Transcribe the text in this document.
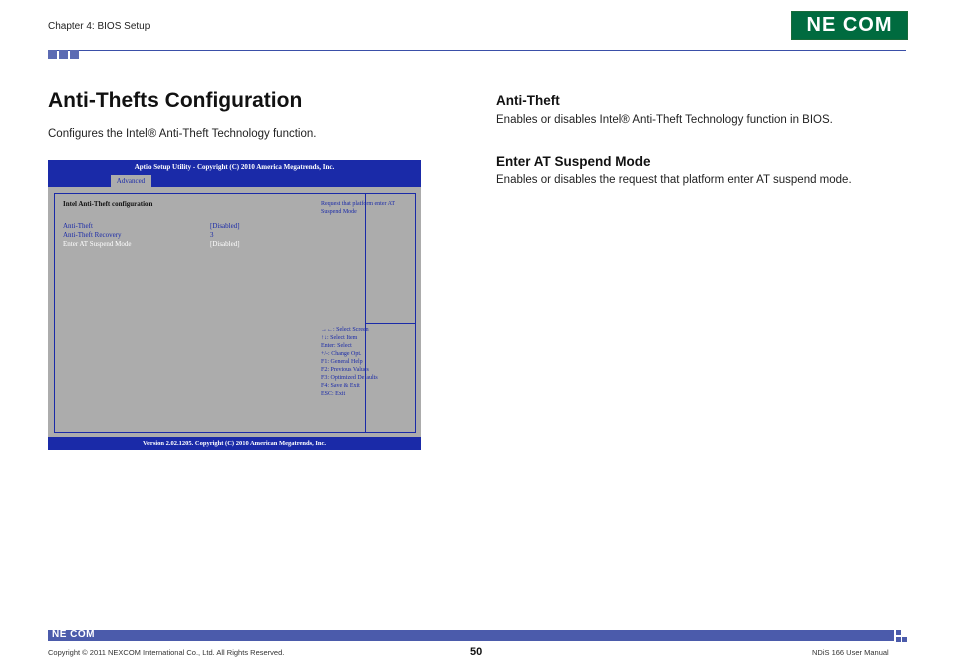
Chapter 4: BIOS Setup	NE COM
Anti-Thefts Configuration
Configures the Intel® Anti-Theft Technology function.
Aptio Setup Utility - Copyright (C) 2010 America Megatrends, Inc.
Advanced
Intel Anti-Theft configuration
Anti-Theft	[Disabled]
Anti-Theft Recovery	3
Enter AT Suspend Mode	[Disabled]
Request that platform enter AT
Suspend Mode
→←: Select Screen
↑↓: Select Item
Enter: Select
+/-: Change Opt.
F1: General Help
F2: Previous Values
F3: Optimized Defaults
F4: Save & Exit
ESC: Exit
Version 2.02.1205. Copyright (C) 2010 American Megatrends, Inc.
Anti-Theft
Enables or disables Intel® Anti-Theft Technology function in BIOS.
Enter AT Suspend Mode
Enables or disables the request that platform enter AT suspend mode.
NE COM
Copyright © 2011 NEXCOM International Co., Ltd. All Rights Reserved.	50	NDiS 166 User Manual
